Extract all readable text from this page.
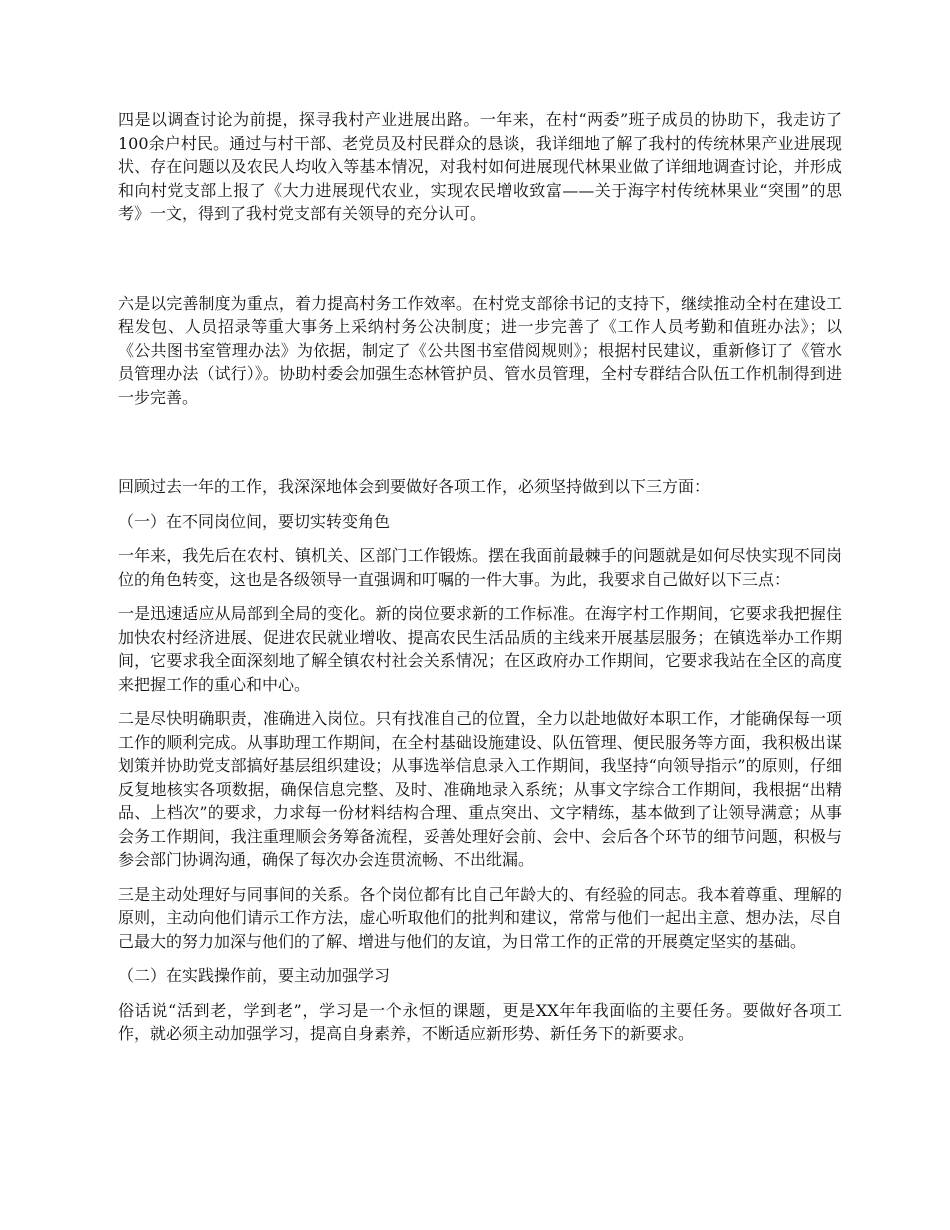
四是以调查讨论为前提，探寻我村产业进展出路。一年来，在村“两委”班子成员的协助下，我走访了100余户村民。通过与村干部、老党员及村民群众的恳谈，我详细地了解了我村的传统林果产业进展现状、存在问题以及农民人均收入等基本情况，对我村如何进展现代林果业做了详细地调查讨论，并形成和向村党支部上报了《大力进展现代农业，实现农民增收致富——关于海字村传统林果业“突围”的思考》一文，得到了我村党支部有关领导的充分认可。

六是以完善制度为重点，着力提高村务工作效率。在村党支部徐书记的支持下，继续推动全村在建设工程发包、人员招录等重大事务上采纳村务公决制度；进一步完善了《工作人员考勤和值班办法》；以《公共图书室管理办法》为依据，制定了《公共图书室借阅规则》；根据村民建议，重新修订了《管水员管理办法（试行）》。协助村委会加强生态林管护员、管水员管理，全村专群结合队伍工作机制得到进一步完善。

回顾过去一年的工作，我深深地体会到要做好各项工作，必须坚持做到以下三方面：

（一）在不同岗位间，要切实转变角色

一年来，我先后在农村、镇机关、区部门工作锻炼。摆在我面前最棘手的问题就是如何尽快实现不同岗位的角色转变，这也是各级领导一直强调和叮嘱的一件大事。为此，我要求自己做好以下三点：

一是迅速适应从局部到全局的变化。新的岗位要求新的工作标准。在海字村工作期间，它要求我把握住加快农村经济进展、促进农民就业增收、提高农民生活品质的主线来开展基层服务；在镇选举办工作期间，它要求我全面深刻地了解全镇农村社会关系情况；在区政府办工作期间，它要求我站在全区的高度来把握工作的重心和中心。

二是尽快明确职责，准确进入岗位。只有找准自己的位置，全力以赴地做好本职工作，才能确保每一项工作的顺利完成。从事助理工作期间，在全村基础设施建设、队伍管理、便民服务等方面，我积极出谋划策并协助党支部搞好基层组织建设；从事选举信息录入工作期间，我坚持“向领导指示”的原则，仔细反复地核实各项数据，确保信息完整、及时、准确地录入系统；从事文字综合工作期间，我根据“出精品、上档次”的要求，力求每一份材料结构合理、重点突出、文字精练，基本做到了让领导满意；从事会务工作期间，我注重理顺会务筹备流程，妥善处理好会前、会中、会后各个环节的细节问题，积极与参会部门协调沟通，确保了每次办会连贯流畅、不出纰漏。

三是主动处理好与同事间的关系。各个岗位都有比自己年龄大的、有经验的同志。我本着尊重、理解的原则，主动向他们请示工作方法，虚心听取他们的批判和建议，常常与他们一起出主意、想办法，尽自己最大的努力加深与他们的了解、增进与他们的友谊，为日常工作的正常的开展奠定坚实的基础。

（二）在实践操作前，要主动加强学习

俗话说“活到老，学到老”，学习是一个永恒的课题，更是XX年年我面临的主要任务。要做好各项工作，就必须主动加强学习，提高自身素养，不断适应新形势、新任务下的新要求。
